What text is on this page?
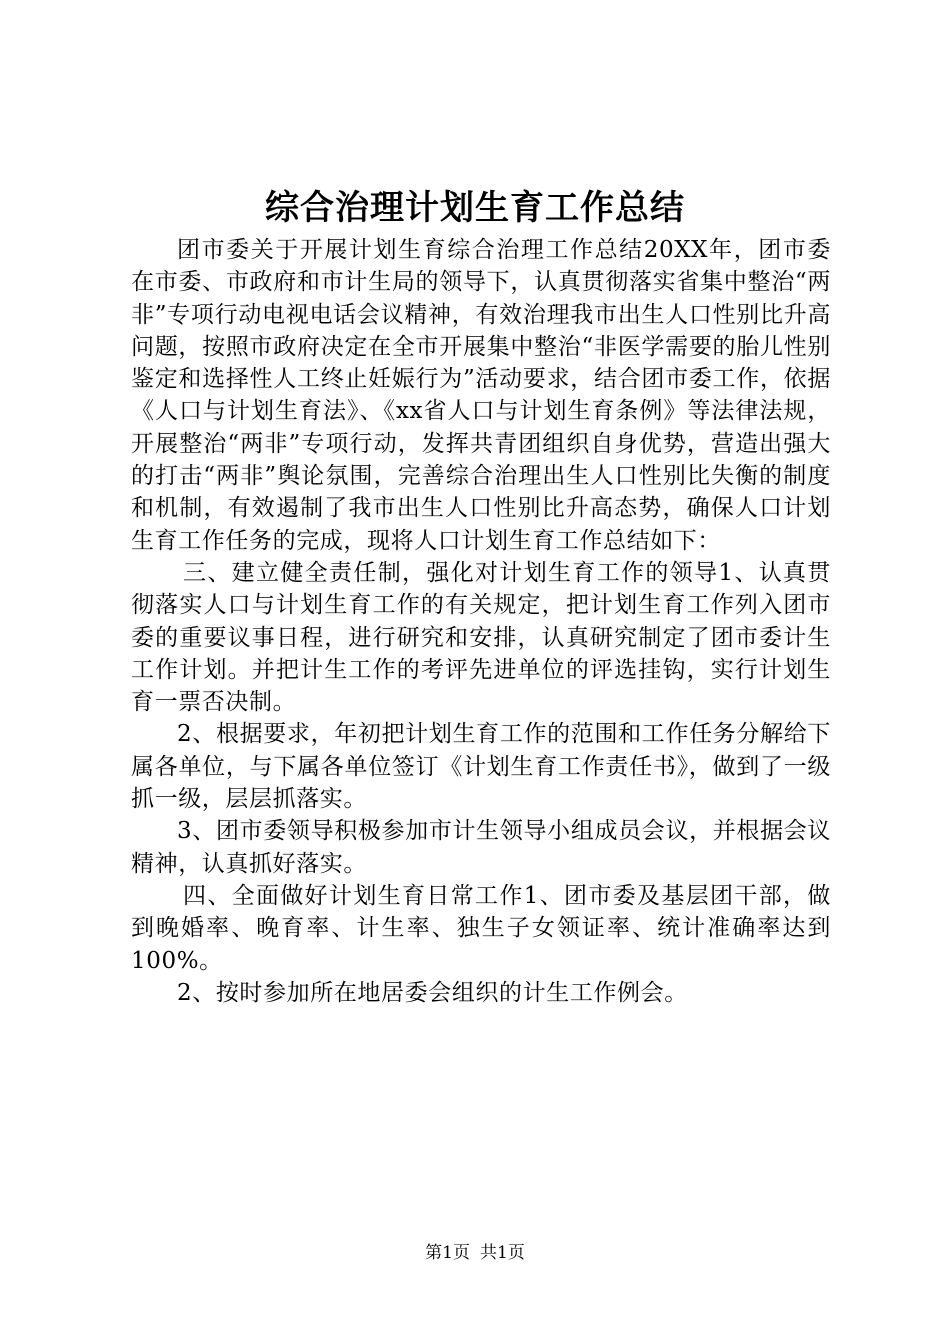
综合治理计划生育工作总结

团市委关于开展计划生育综合治理工作总结20XX年，团市委在市委、市政府和市计生局的领导下，认真贯彻落实省集中整治“两非”专项行动电视电话会议精神，有效治理我市出生人口性别比升高问题，按照市政府决定在全市开展集中整治“非医学需要的胎儿性别鉴定和选择性人工终止妊娠行为”活动要求，结合团市委工作，依据《人口与计划生育法》、《xx省人口与计划生育条例》等法律法规，开展整治“两非”专项行动，发挥共青团组织自身优势，营造出强大的打击“两非”舆论氛围，完善综合治理出生人口性别比失衡的制度和机制，有效遏制了我市出生人口性别比升高态势，确保人口计划生育工作任务的完成，现将人口计划生育工作总结如下：

三、建立健全责任制，强化对计划生育工作的领导1、认真贯彻落实人口与计划生育工作的有关规定，把计划生育工作列入团市委的重要议事日程，进行研究和安排，认真研究制定了团市委计生工作计划。并把计生工作的考评先进单位的评选挂钩，实行计划生育一票否决制。

2、根据要求，年初把计划生育工作的范围和工作任务分解给下属各单位，与下属各单位签订《计划生育工作责任书》，做到了一级抓一级，层层抓落实。

3、团市委领导积极参加市计生领导小组成员会议，并根据会议精神，认真抓好落实。

四、全面做好计划生育日常工作1、团市委及基层团干部，做到晚婚率、晚育率、计生率、独生子女领证率、统计准确率达到100%。

2、按时参加所在地居委会组织的计生工作例会。

第1页 共1页
